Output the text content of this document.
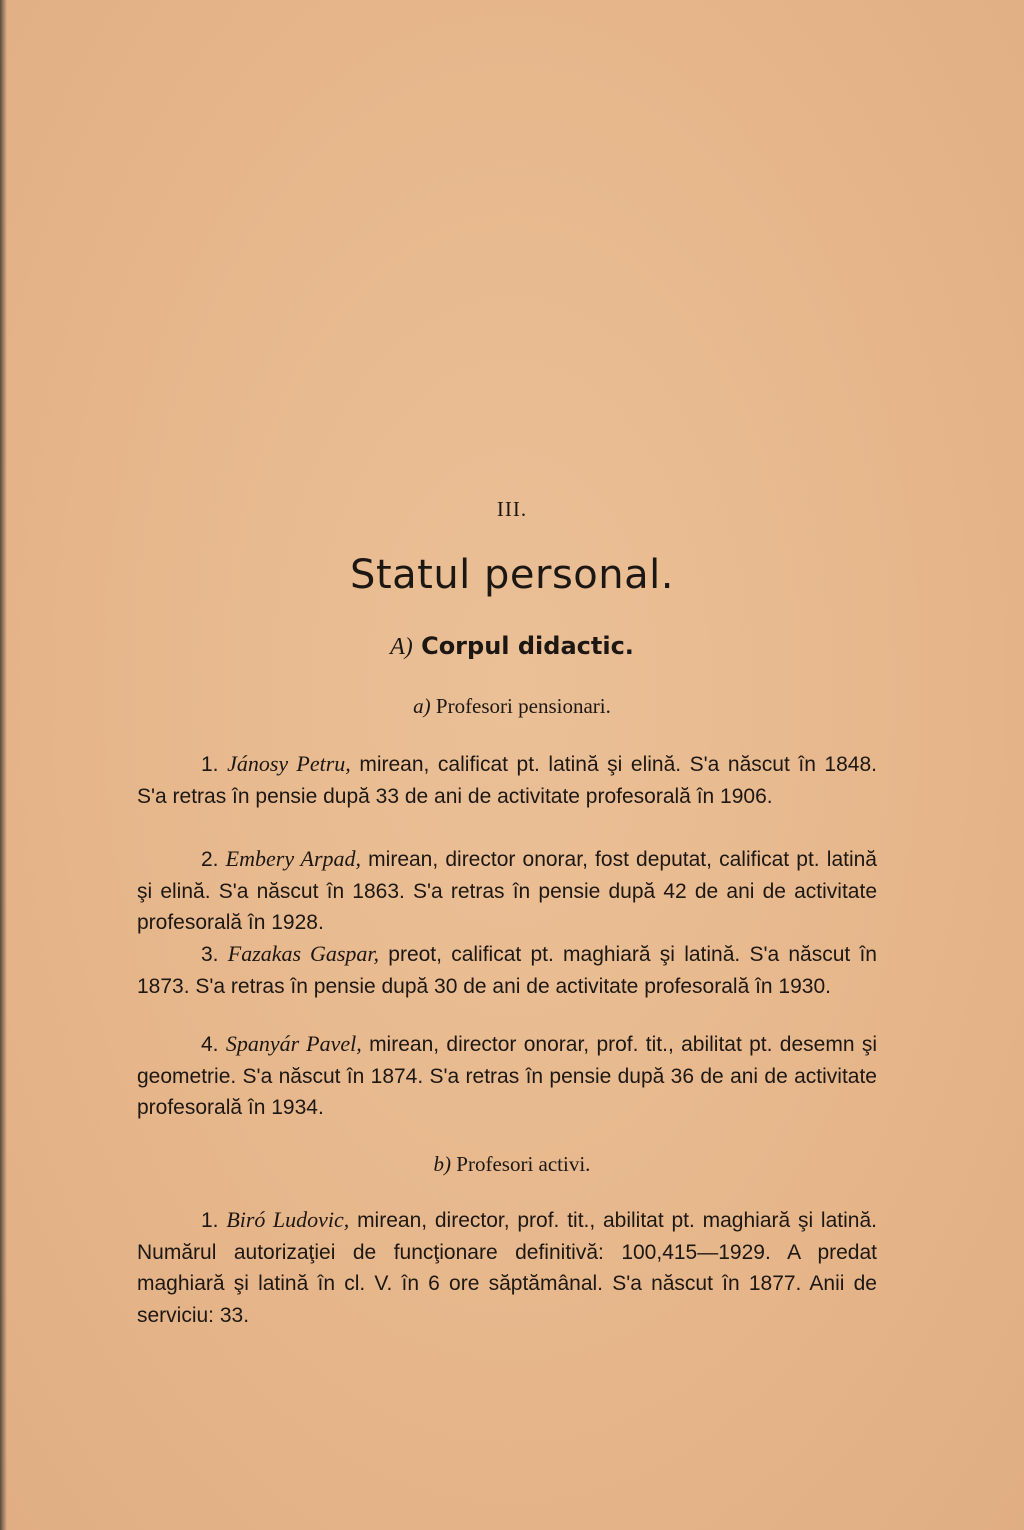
III.
Statul personal.
A) Corpul didactic.
a) Profesori pensionari.

1. Jánosy Petru, mirean, calificat pt. latină şi elină. S'a născut în 1848. S'a retras în pensie după 33 de ani de activitate profesorală în 1906.

2. Embery Arpad, mirean, director onorar, fost deputat, calificat pt. latină şi elină. S'a născut în 1863. S'a retras în pensie după 42 de ani de activitate profesorală în 1928.

3. Fazakas Gaspar, preot, calificat pt. maghiară şi latină. S'a născut în 1873. S'a retras în pensie după 30 de ani de activitate profesorală în 1930.

4. Spanyár Pavel, mirean, director onorar, prof. tit., abilitat pt. desemn şi geometrie. S'a născut în 1874. S'a retras în pensie după 36 de ani de activitate profesorală în 1934.

b) Profesori activi.

1. Biró Ludovic, mirean, director, prof. tit., abilitat pt. maghiară şi latină. Numărul autorizaţiei de funcţionare definitivă: 100,415—1929. A predat maghiară şi latină în cl. V. în 6 ore săptămânal. S'a născut în 1877. Anii de serviciu: 33.
